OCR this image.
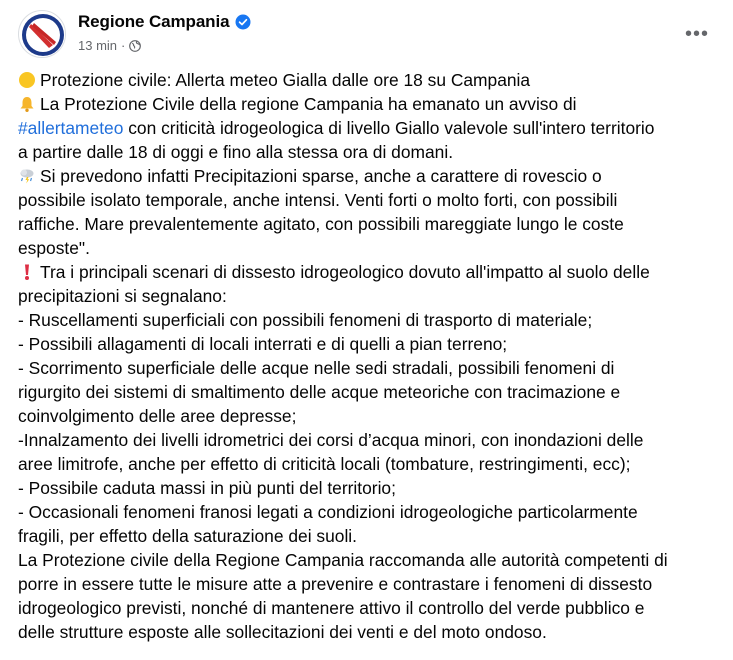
Regione Campania
13 min ·
•••
Protezione civile: Allerta meteo Gialla dalle ore 18 su Campania
La Protezione Civile della regione Campania ha emanato un avviso di
#allertameteo con criticità idrogeologica di livello Giallo valevole sull'intero territorio
a partire dalle 18 di oggi e fino alla stessa ora di domani.
Si prevedono infatti Precipitazioni sparse, anche a carattere di rovescio o
possibile isolato temporale, anche intensi. Venti forti o molto forti, con possibili
raffiche. Mare prevalentemente agitato, con possibili mareggiate lungo le coste
esposte".
Tra i principali scenari di dissesto idrogeologico dovuto all'impatto al suolo delle
precipitazioni si segnalano:
- Ruscellamenti superficiali con possibili fenomeni di trasporto di materiale;
- Possibili allagamenti di locali interrati e di quelli a pian terreno;
- Scorrimento superficiale delle acque nelle sedi stradali, possibili fenomeni di
rigurgito dei sistemi di smaltimento delle acque meteoriche con tracimazione e
coinvolgimento delle aree depresse;
-Innalzamento dei livelli idrometrici dei corsi d’acqua minori, con inondazioni delle
aree limitrofe, anche per effetto di criticità locali (tombature, restringimenti, ecc);
- Possibile caduta massi in più punti del territorio;
- Occasionali fenomeni franosi legati a condizioni idrogeologiche particolarmente
fragili, per effetto della saturazione dei suoli.
La Protezione civile della Regione Campania raccomanda alle autorità competenti di
porre in essere tutte le misure atte a prevenire e contrastare i fenomeni di dissesto
idrogeologico previsti, nonché di mantenere attivo il controllo del verde pubblico e
delle strutture esposte alle sollecitazioni dei venti e del moto ondoso.
